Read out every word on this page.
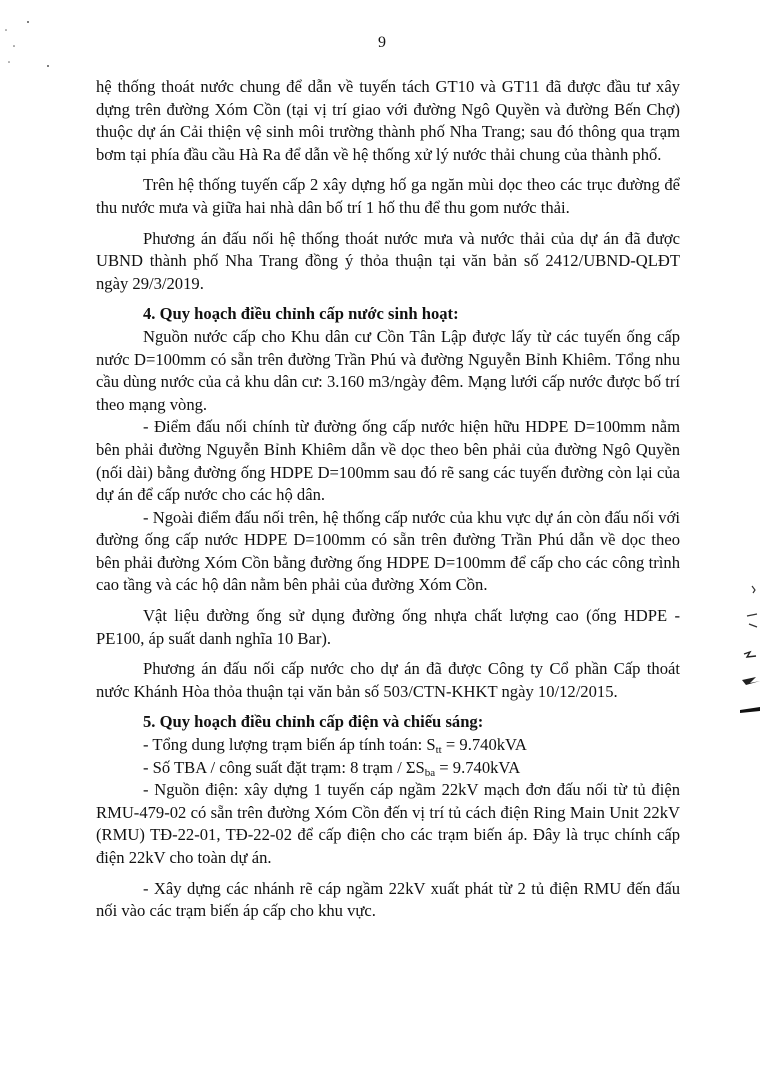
9

hệ thống thoát nước chung để dẫn về tuyến tách GT10 và GT11 đã được đầu tư xây dựng trên đường Xóm Cồn (tại vị trí giao với đường Ngô Quyền và đường Bến Chợ) thuộc dự án Cải thiện vệ sinh môi trường thành phố Nha Trang; sau đó thông qua trạm bơm tại phía đầu cầu Hà Ra để dẫn về hệ thống xử lý nước thải chung của thành phố.

Trên hệ thống tuyến cấp 2 xây dựng hố ga ngăn mùi dọc theo các trục đường để thu nước mưa và giữa hai nhà dân bố trí 1 hố thu để thu gom nước thải.

Phương án đấu nối hệ thống thoát nước mưa và nước thải của dự án đã được UBND thành phố Nha Trang đồng ý thỏa thuận tại văn bản số 2412/UBND-QLĐT ngày 29/3/2019.

4. Quy hoạch điều chỉnh cấp nước sinh hoạt:

Nguồn nước cấp cho Khu dân cư Cồn Tân Lập được lấy từ các tuyến ống cấp nước D=100mm có sẵn trên đường Trần Phú và đường Nguyễn Bỉnh Khiêm. Tổng nhu cầu dùng nước của cả khu dân cư: 3.160 m3/ngày đêm. Mạng lưới cấp nước được bố trí theo mạng vòng.

- Điểm đấu nối chính từ đường ống cấp nước hiện hữu HDPE D=100mm nằm bên phải đường Nguyễn Bỉnh Khiêm dẫn về dọc theo bên phải của đường Ngô Quyền (nối dài) bằng đường ống HDPE D=100mm sau đó rẽ sang các tuyến đường còn lại của dự án để cấp nước cho các hộ dân.

- Ngoài điểm đấu nối trên, hệ thống cấp nước của khu vực dự án còn đấu nối với đường ống cấp nước HDPE D=100mm có sẵn trên đường Trần Phú dẫn về dọc theo bên phải đường Xóm Cồn bằng đường ống HDPE D=100mm để cấp cho các công trình cao tầng và các hộ dân nằm bên phải của đường Xóm Cồn.

Vật liệu đường ống sử dụng đường ống nhựa chất lượng cao (ống HDPE - PE100, áp suất danh nghĩa 10 Bar).

Phương án đấu nối cấp nước cho dự án đã được Công ty Cổ phần Cấp thoát nước Khánh Hòa thỏa thuận tại văn bản số 503/CTN-KHKT ngày 10/12/2015.

5. Quy hoạch điều chỉnh cấp điện và chiếu sáng:

- Tổng dung lượng trạm biến áp tính toán: $S_{tt} = 9.740kVA$

- Số TBA / công suất đặt trạm: 8 trạm / $\Sigma S_{ba} = 9.740kVA$

- Nguồn điện: xây dựng 1 tuyến cáp ngầm 22kV mạch đơn đấu nối từ tủ điện RMU-479-02 có sẵn trên đường Xóm Cồn đến vị trí tủ cách điện Ring Main Unit 22kV (RMU) TĐ-22-01, TĐ-22-02 để cấp điện cho các trạm biến áp. Đây là trục chính cấp điện 22kV cho toàn dự án.

- Xây dựng các nhánh rẽ cáp ngầm 22kV xuất phát từ 2 tủ điện RMU đến đấu nối vào các trạm biến áp cấp cho khu vực.
